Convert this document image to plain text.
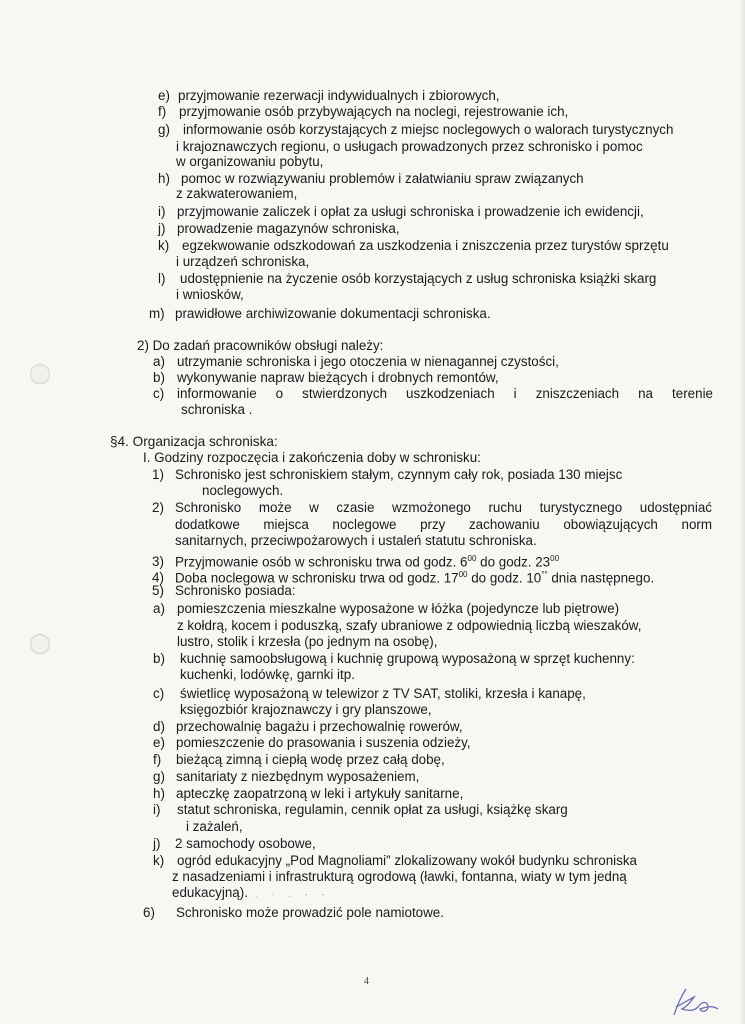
e) przyjmowanie rezerwacji indywidualnych i zbiorowych,

f) przyjmowanie osób przybywających na noclegi, rejestrowanie ich,

g) informowanie osób korzystających z miejsc noclegowych o walorach turystycznych

i krajoznawczych regionu, o usługach prowadzonych przez schronisko i pomoc

w organizowaniu pobytu,

h) pomoc w rozwiązywaniu problemów i załatwianiu spraw związanych

z zakwaterowaniem,

i) przyjmowanie zaliczek i opłat za usługi schroniska i prowadzenie ich ewidencji,

j) prowadzenie magazynów schroniska,

k) egzekwowanie odszkodowań za uszkodzenia i zniszczenia przez turystów sprzętu

i urządzeń schroniska,

l) udostępnienie na życzenie osób korzystających z usług schroniska książki skarg

i wniosków,

m) prawidłowe archiwizowanie dokumentacji schroniska.

2) Do zadań pracowników obsługi należy:

a) utrzymanie schroniska i jego otoczenia w nienagannej czystości,

b) wykonywanie napraw bieżących i drobnych remontów,

c) informowanie o stwierdzonych uszkodzeniach i zniszczeniach na terenie

schroniska .

§4. Organizacja schroniska:

I. Godziny rozpoczęcia i zakończenia doby w schronisku:

1) Schronisko jest schroniskiem stałym, czynnym cały rok, posiada 130 miejsc

noclegowych.

2) Schronisko może w czasie wzmożonego ruchu turystycznego udostępniać

dodatkowe miejsca noclegowe przy zachowaniu obowiązujących norm

sanitarnych, przeciwpożarowych i ustaleń statutu schroniska.

3) Przyjmowanie osób w schronisku trwa od godz. $6^{00}$ do godz. $23^{00}$

4) Doba noclegowa w schronisku trwa od godz. $17^{00}$ do godz. 10°° dnia następnego.

5) Schronisko posiada:

a) pomieszczenia mieszkalne wyposażone w łóżka (pojedyncze lub piętrowe)

z kołdrą, kocem i poduszką, szafy ubraniowe z odpowiednią liczbą wieszaków,

lustro, stolik i krzesła (po jednym na osobę),

b) kuchnię samoobsługową i kuchnię grupową wyposażoną w sprzęt kuchenny:

kuchenki, lodówkę, garnki itp.

c) świetlicę wyposażoną w telewizor z TV SAT, stoliki, krzesła i kanapę,

księgozbiór krajoznawczy i gry planszowe,

d) przechowalnię bagażu i przechowalnię rowerów,

e) pomieszczenie do prasowania i suszenia odzieży,

f) bieżącą zimną i ciepłą wodę przez całą dobę,

g) sanitariaty z niezbędnym wyposażeniem,

h) apteczkę zaopatrzoną w leki i artykuły sanitarne,

i) statut schroniska, regulamin, cennik opłat za usługi, książkę skarg

i zażaleń,

j) 2 samochody osobowe,

k) ogród edukacyjny „Pod Magnoliami” zlokalizowany wokół budynku schroniska

z nasadzeniami i infrastrukturą ogrodową (ławki, fontanna, wiaty w tym jedną

edukacyjną). . · . - -

6) Schronisko może prowadzić pole namiotowe.

4
